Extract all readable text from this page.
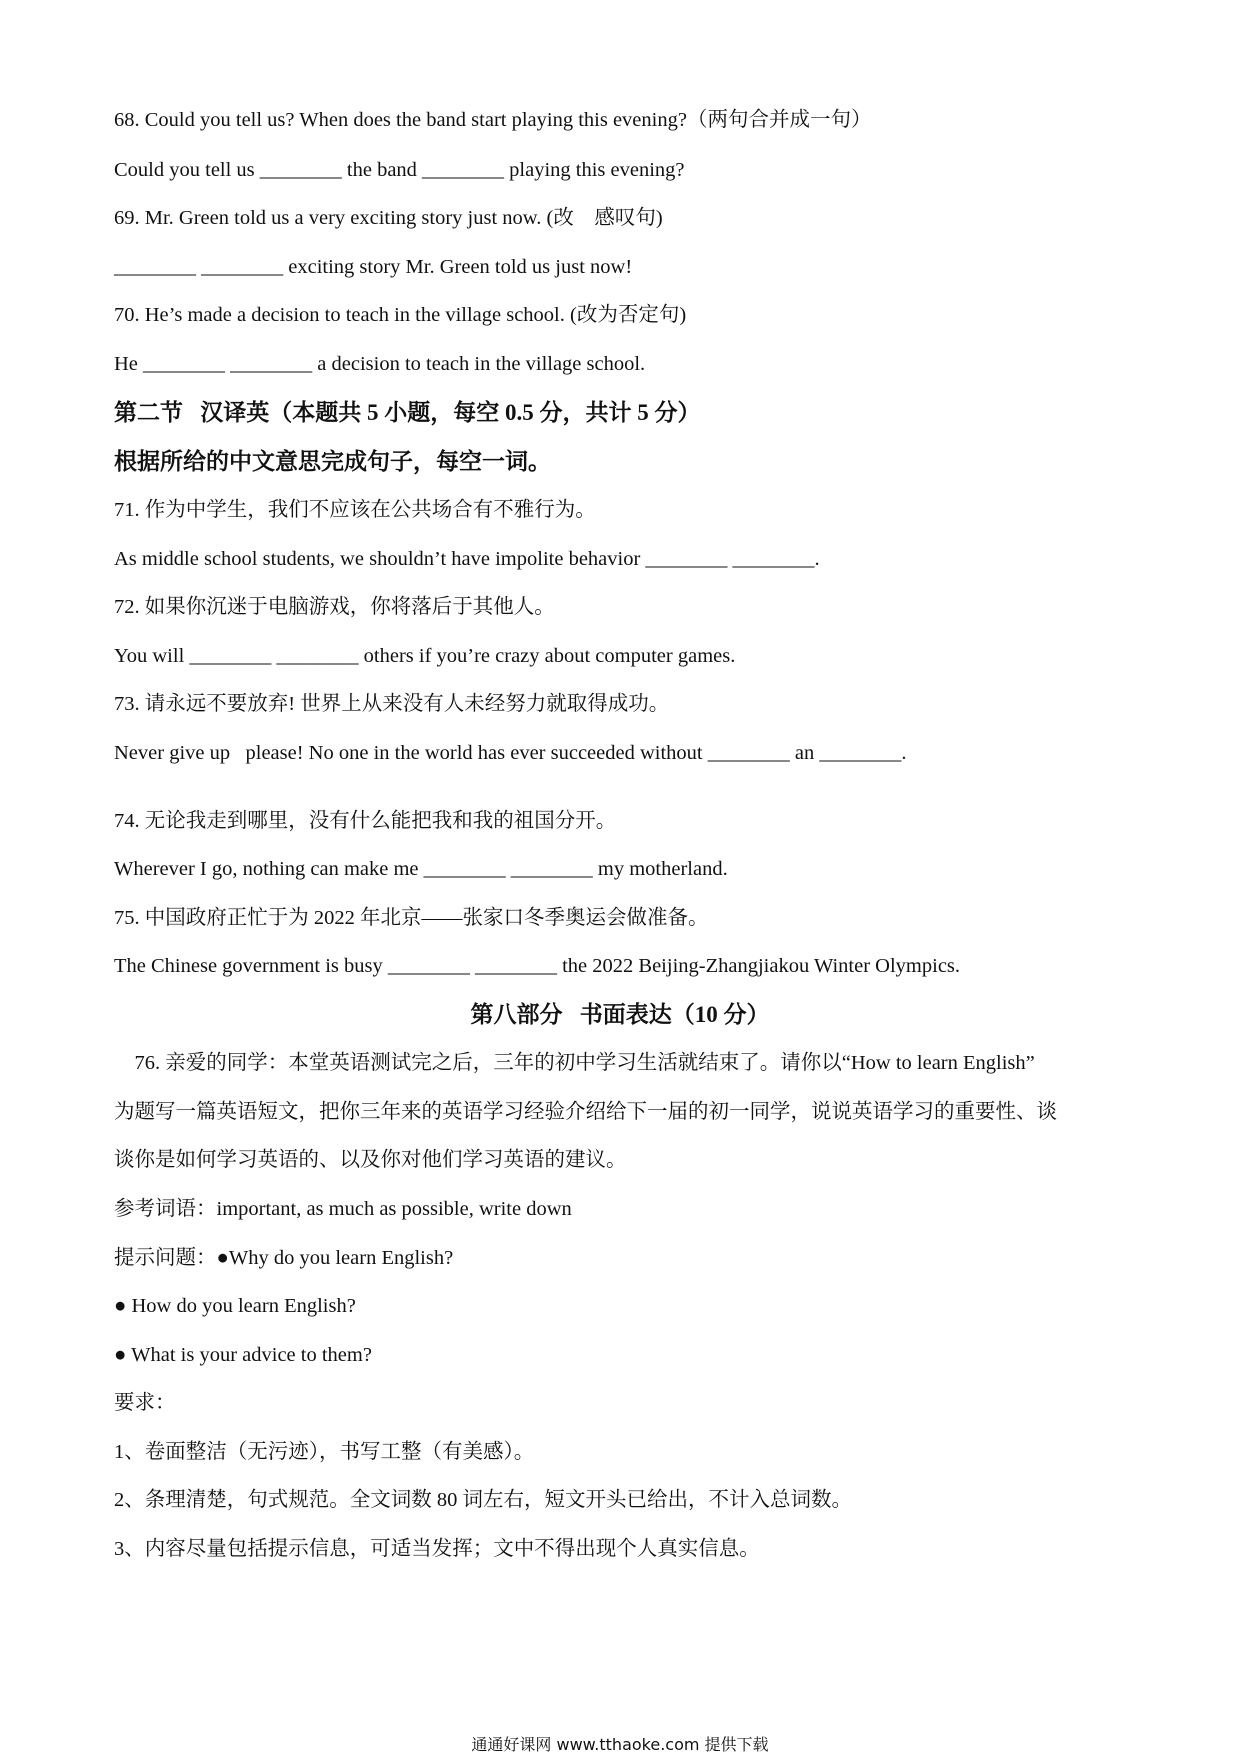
68. Could you tell us? When does the band start playing this evening?（两句合并成一句）
Could you tell us ________ the band ________ playing this evening?
69. Mr. Green told us a very exciting story just now. (改    感叹句)
________ ________ exciting story Mr. Green told us just now!
70. He’s made a decision to teach in the village school. (改为否定句)
He ________ ________ a decision to teach in the village school.
第二节   汉译英（本题共 5 小题，每空 0.5 分，共计 5 分）
根据所给的中文意思完成句子，每空一词。
71. 作为中学生，我们不应该在公共场合有不雅行为。
As middle school students, we shouldn’t have impolite behavior ________ ________.
72. 如果你沉迷于电脑游戏，你将落后于其他人。
You will ________ ________ others if you’re crazy about computer games.
73. 请永远不要放弃! 世界上从来没有人未经努力就取得成功。
Never give up   please! No one in the world has ever succeeded without ________ an ________.
74. 无论我走到哪里，没有什么能把我和我的祖国分开。
Wherever I go, nothing can make me ________ ________ my motherland.
75. 中国政府正忙于为 2022 年北京——张家口冬季奥运会做准备。
The Chinese government is busy ________ ________ the 2022 Beijing-Zhangjiakou Winter Olympics.
第八部分   书面表达（10 分）
76. 亲爱的同学：本堂英语测试完之后，三年的初中学习生活就结束了。请你以“How to learn English”
为题写一篇英语短文，把你三年来的英语学习经验介绍给下一届的初一同学，说说英语学习的重要性、谈
谈你是如何学习英语的、以及你对他们学习英语的建议。
参考词语：important, as much as possible, write down
提示问题：●Why do you learn English?
● How do you learn English?
● What is your advice to them?
要求：
1、卷面整洁（无污迹），书写工整（有美感）。
2、条理清楚，句式规范。全文词数 80 词左右，短文开头已给出，不计入总词数。
3、内容尽量包括提示信息，可适当发挥；文中不得出现个人真实信息。
通通好课网 www.tthaoke.com 提供下载
